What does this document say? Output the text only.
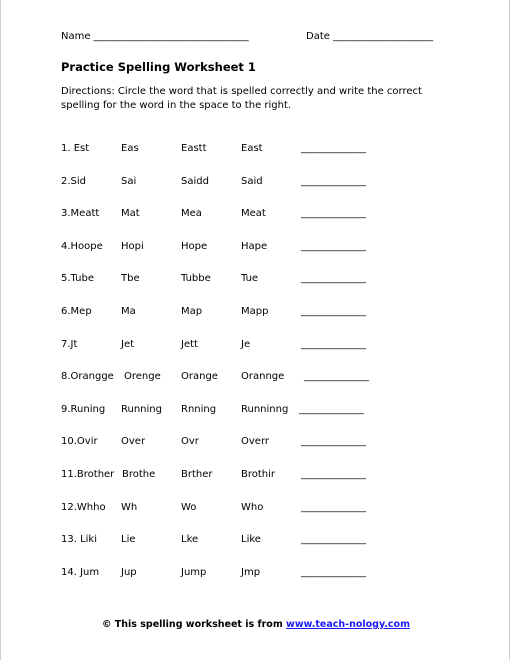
Name _______________________________	Date ____________________
Practice Spelling Worksheet 1
Directions: Circle the word that is spelled correctly and write the correct spelling for the word in the space to the right.
1. Est	Eas	Eastt	East	_____________
2.Sid	Sai	Saidd	Said	_____________
3.Meatt Mat	Mea	Meat	_____________
4.Hoope Hopi	Hope	Hape	_____________
5.Tube	Tbe	Tubbe	Tue	_____________
6.Mep	Ma	Map	Mapp	_____________
7.Jt	Jet	Jett	Je	_____________
8.Orangge Orenge Orange Orannge _____________
9.Runing Running Rnning Runninng _____________
10.Ovir Over	Ovr	Overr	_____________
11.Brother Brothe	Brther	Brothir	_____________
12.Whho Wh	Wo	Who	_____________
13. Liki Lie	Lke	Like	_____________
14. Jum Jup	Jump	Jmp	_____________
© This spelling worksheet is from www.teach-nology.com
